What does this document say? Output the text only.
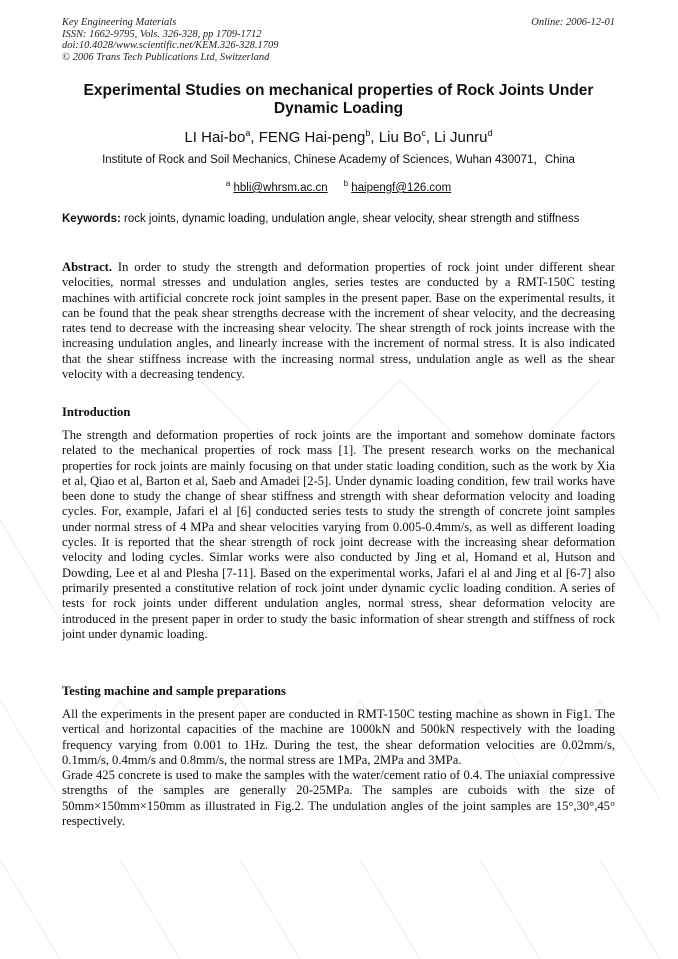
Key Engineering Materials
ISSN: 1662-9795, Vols. 326-328, pp 1709-1712
doi:10.4028/www.scientific.net/KEM.326-328.1709
© 2006 Trans Tech Publications Ltd, Switzerland
Online: 2006-12-01
Experimental Studies on mechanical properties of Rock Joints Under
Dynamic Loading
LI Hai-$bo^a$, FENG Hai-peng$^b$, Liu Bo$^c$, Li Junru$^d$
Institute of Rock and Soil Mechanics, Chinese Academy of Sciences, Wuhan 430071，China
$^a$ hbli@whrsm.ac.cn $^b$ haipengf@126.com
Keywords: rock joints, dynamic loading, undulation angle, shear velocity, shear strength and stiffness
Abstract. In order to study the strength and deformation properties of rock joint under different shear velocities, normal stresses and undulation angles, series testes are conducted by a RMT-150C testing machines with artificial concrete rock joint samples in the present paper. Base on the experimental results, it can be found that the peak shear strengths decrease with the increment of shear velocity, and the decreasing rates tend to decrease with the increasing shear velocity. The shear strength of rock joints increase with the increasing undulation angles, and linearly increase with the increment of normal stress. It is also indicated that the shear stiffness increase with the increasing normal stress, undulation angle as well as the shear velocity with a decreasing tendency.
Introduction
The strength and deformation properties of rock joints are the important and somehow dominate factors related to the mechanical properties of rock mass [1]. The present research works on the mechanical properties for rock joints are mainly focusing on that under static loading condition, such as the work by Xia et al, Qiao et al, Barton et al, Saeb and Amadei [2-5]. Under dynamic loading condition, few trail works have been done to study the change of shear stiffness and strength with shear deformation velocity and loading cycles. For, example, Jafari el al [6] conducted series tests to study the strength of concrete joint samples under normal stress of 4 MPa and shear velocities varying from 0.005-0.4mm/s, as well as different loading cycles. It is reported that the shear strength of rock joint decrease with the increasing shear deformation velocity and loding cycles. Simlar works were also conducted by Jing et al, Homand et al, Hutson and Dowding, Lee et al and Plesha [7-11]. Based on the experimental works, Jafari el al and Jing et al [6-7] also primarily presented a constitutive relation of rock joint under dynamic cyclic loading condition. A series of tests for rock joints under different undulation angles, normal stress, shear deformation velocity are introduced in the present paper in order to study the basic information of shear strength and stiffness of rock joint under dynamic loading.
Testing machine and sample preparations
All the experiments in the present paper are conducted in RMT-150C testing machine as shown in Fig1. The vertical and horizontal capacities of the machine are 1000kN and 500kN respectively with the loading frequency varying from 0.001 to 1Hz. During the test, the shear deformation velocities are 0.02mm/s, 0.1mm/s, 0.4mm/s and 0.8mm/s, the normal stress are 1MPa, 2MPa and 3MPa.
Grade 425 concrete is used to make the samples with the water/cement ratio of 0.4. The uniaxial compressive strengths of the samples are generally 20-25MPa. The samples are cuboids with the size of 50mm×150mm×150mm as illustrated in Fig.2. The undulation angles of the joint samples are 15°,30°,45° respectively.
